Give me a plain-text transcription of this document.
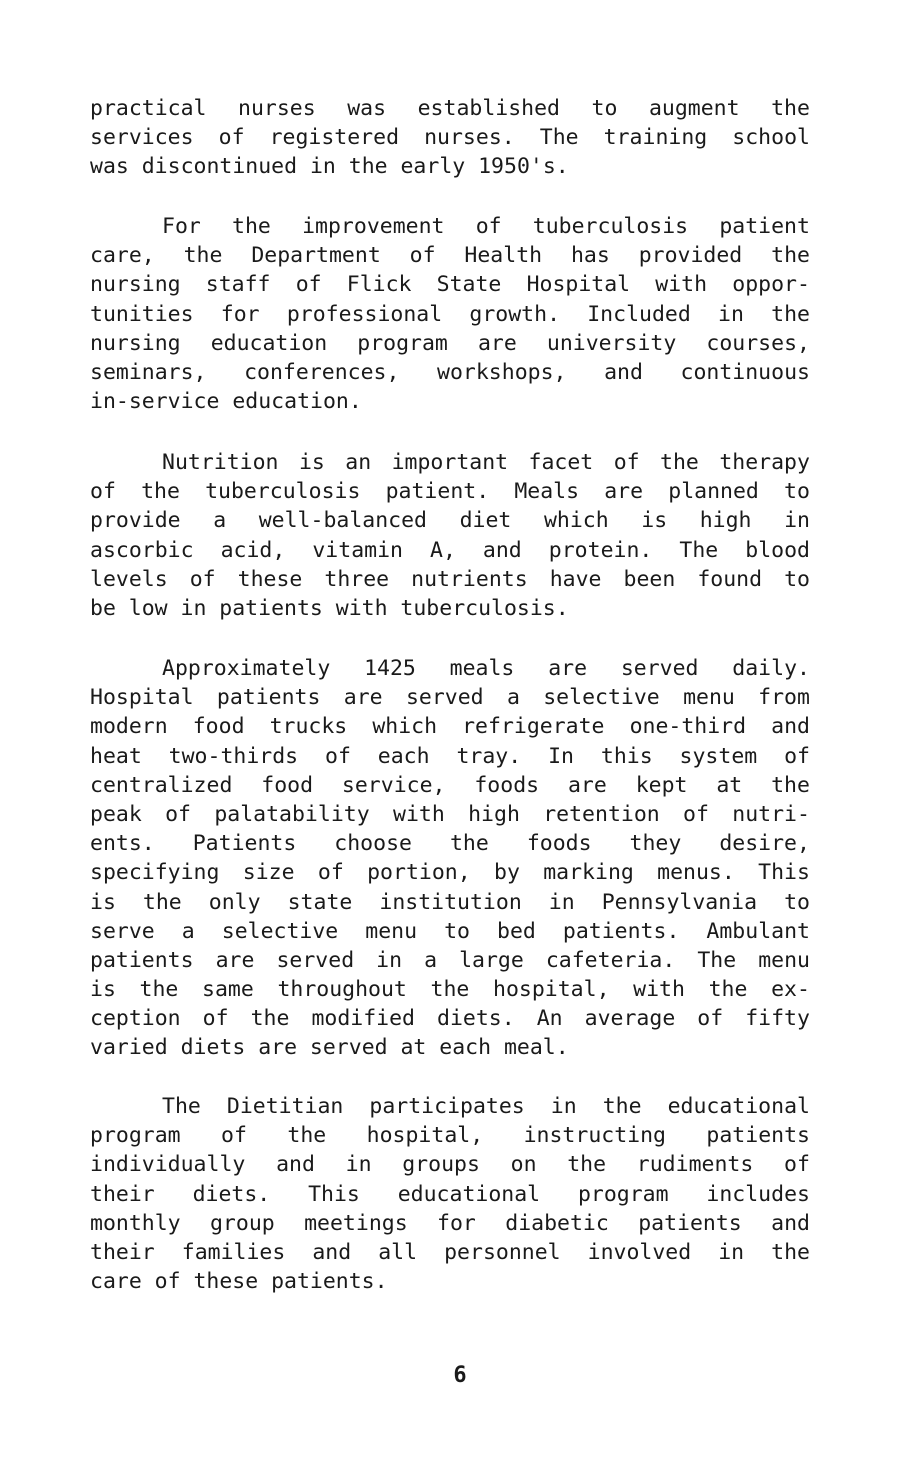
practical nurses was established to augment the
services of registered nurses. The training school
was discontinued in the early 1950's.
For the improvement of tuberculosis patient
care, the Department of Health has provided the
nursing staff of Flick State Hospital with oppor-
tunities for professional growth. Included in the
nursing education program are university courses,
seminars, conferences, workshops, and continuous
in-service education.
Nutrition is an important facet of the therapy
of the tuberculosis patient. Meals are planned to
provide a well-balanced diet which is high in
ascorbic acid, vitamin A, and protein. The blood
levels of these three nutrients have been found to
be low in patients with tuberculosis.
Approximately 1425 meals are served daily.
Hospital patients are served a selective menu from
modern food trucks which refrigerate one-third and
heat two-thirds of each tray. In this system of
centralized food service, foods are kept at the
peak of palatability with high retention of nutri-
ents. Patients choose the foods they desire,
specifying size of portion, by marking menus. This
is the only state institution in Pennsylvania to
serve a selective menu to bed patients. Ambulant
patients are served in a large cafeteria. The menu
is the same throughout the hospital, with the ex-
ception of the modified diets. An average of fifty
varied diets are served at each meal.
The Dietitian participates in the educational
program of the hospital, instructing patients
individually and in groups on the rudiments of
their diets. This educational program includes
monthly group meetings for diabetic patients and
their families and all personnel involved in the
care of these patients.
6
